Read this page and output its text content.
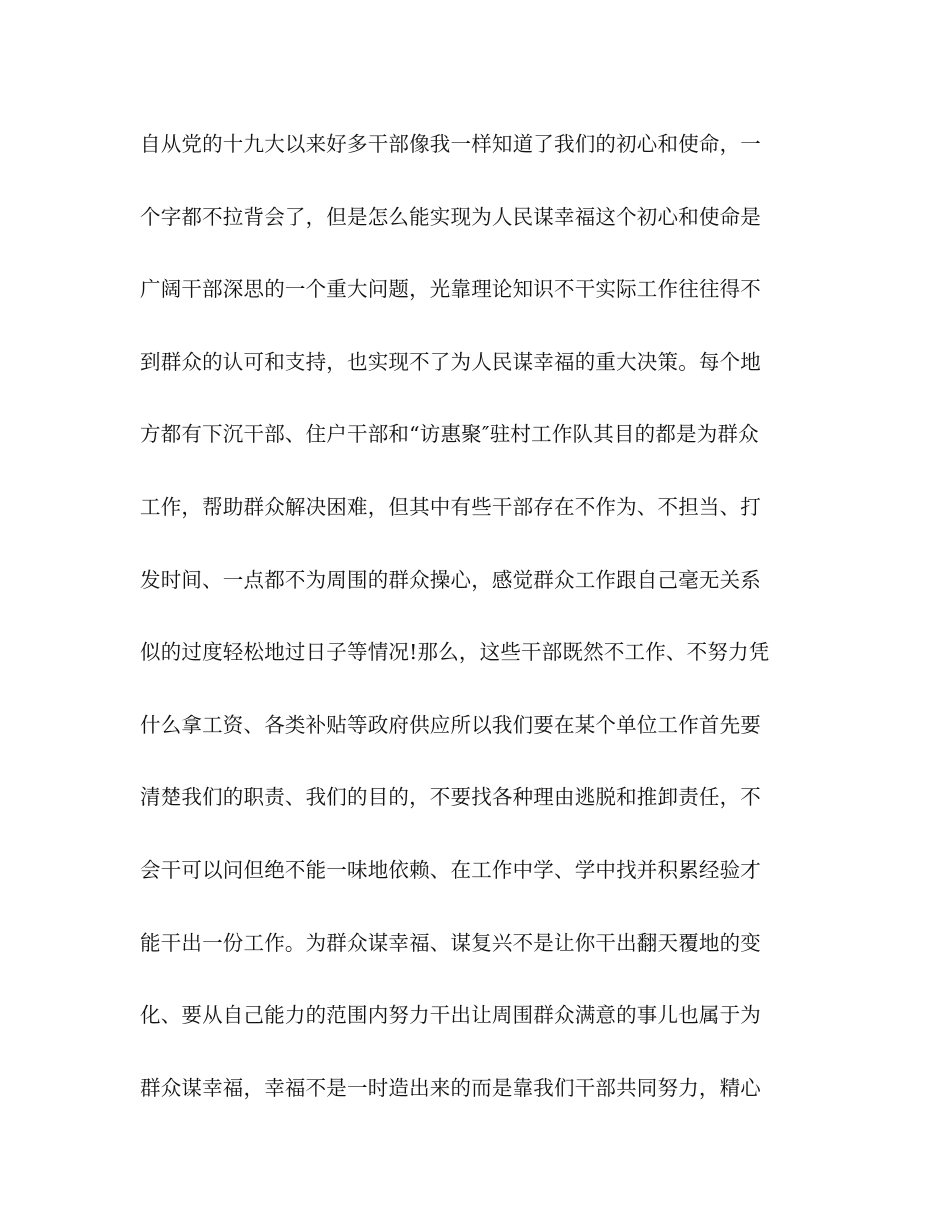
自从党的十九大以来好多干部像我一样知道了我们的初心和使命，一
个字都不拉背会了，但是怎么能实现为人民谋幸福这个初心和使命是
广阔干部深思的一个重大问题，光靠理论知识不干实际工作往往得不
到群众的认可和支持，也实现不了为人民谋幸福的重大决策。每个地
方都有下沉干部、住户干部和“访惠聚″驻村工作队其目的都是为群众
工作，帮助群众解决困难，但其中有些干部存在不作为、不担当、打
发时间、一点都不为周围的群众操心，感觉群众工作跟自己毫无关系
似的过度轻松地过日子等情况!那么，这些干部既然不工作、不努力凭
什么拿工资、各类补贴等政府供应所以我们要在某个单位工作首先要
清楚我们的职责、我们的目的，不要找各种理由逃脱和推卸责任，不
会干可以问但绝不能一味地依赖、在工作中学、学中找并积累经验才
能干出一份工作。为群众谋幸福、谋复兴不是让你干出翻天覆地的变
化、要从自己能力的范围内努力干出让周围群众满意的事儿也属于为
群众谋幸福，幸福不是一时造出来的而是靠我们干部共同努力，精心
